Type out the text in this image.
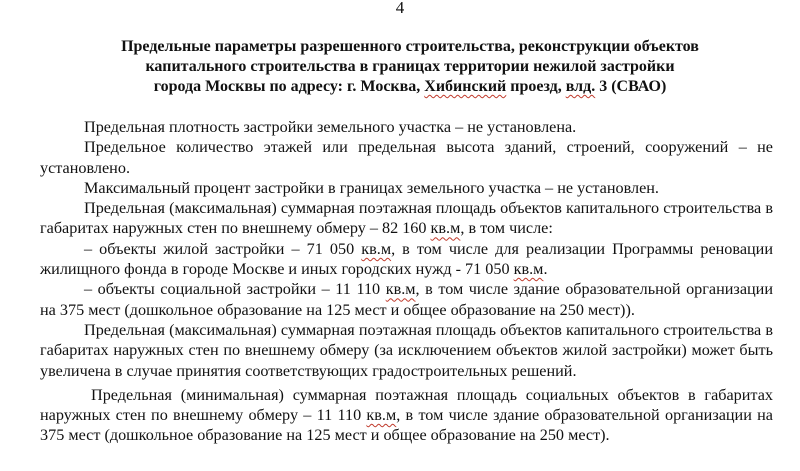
4
Предельные параметры разрешенного строительства, реконструкции объектов
капитального строительства в границах территории нежилой застройки
города Москвы по адресу: г. Москва, Хибинский проезд, влд. 3 (СВАО)

Предельная плотность застройки земельного участка – не установлена.

Предельное количество этажей или предельная высота зданий, строений, сооружений – не установлено.

Максимальный процент застройки в границах земельного участка – не установлен.

Предельная (максимальная) суммарная поэтажная площадь объектов капитального строительства в габаритах наружных стен по внешнему обмеру – 82 160 кв.м, в том числе:

– объекты жилой застройки – 71 050 кв.м, в том числе для реализации Программы реновации жилищного фонда в городе Москве и иных городских нужд - 71 050 кв.м.

– объекты социальной застройки – 11 110 кв.м, в том числе здание образовательной организации на 375 мест (дошкольное образование на 125 мест и общее образование на 250 мест)).

Предельная (максимальная) суммарная поэтажная площадь объектов капитального строительства в габаритах наружных стен по внешнему обмеру (за исключением объектов жилой застройки) может быть увеличена в случае принятия соответствующих градостроительных решений.

Предельная (минимальная) суммарная поэтажная площадь социальных объектов в габаритах наружных стен по внешнему обмеру – 11 110 кв.м, в том числе здание образовательной организации на 375 мест (дошкольное образование на 125 мест и общее образование на 250 мест).
